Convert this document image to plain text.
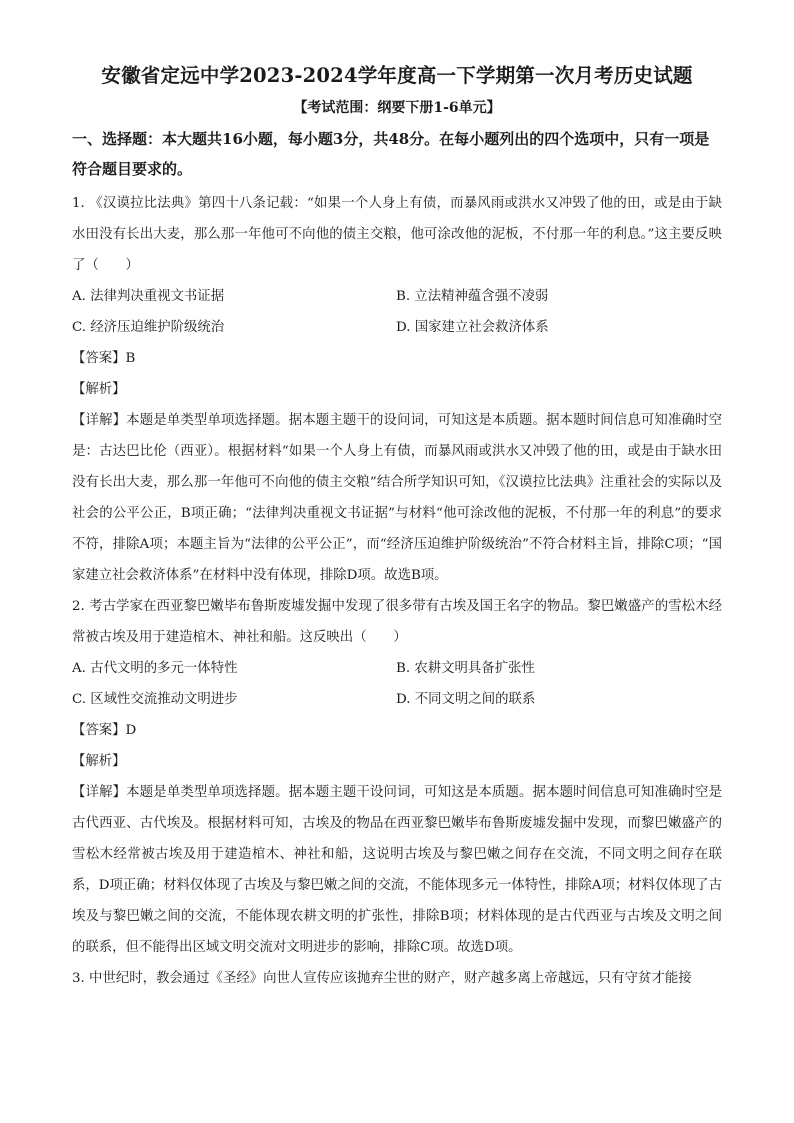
安徽省定远中学2023-2024学年度高一下学期第一次月考历史试题
【考试范围：纲要下册1-6单元】
一、选择题：本大题共16小题，每小题3分，共48分。在每小题列出的四个选项中，只有一项是符合题目要求的。

1. 《汉谟拉比法典》第四十八条记载：“如果一个人身上有债，而暴风雨或洪水又冲毁了他的田，或是由于缺水田没有长出大麦，那么那一年他可不向他的债主交粮，他可涂改他的泥板，不付那一年的利息。”这主要反映了（　　）

A. 法律判决重视文书证据	B. 立法精神蕴含强不凌弱
C. 经济压迫维护阶级统治	D. 国家建立社会救济体系

【答案】B

【解析】

【详解】本题是单类型单项选择题。据本题主题干的设问词，可知这是本质题。据本题时间信息可知准确时空是：古达巴比伦（西亚）。根据材料“如果一个人身上有债，而暴风雨或洪水又冲毁了他的田，或是由于缺水田没有长出大麦，那么那一年他可不向他的债主交粮”结合所学知识可知，《汉谟拉比法典》注重社会的实际以及社会的公平公正，B项正确；“法律判决重视文书证据”与材料“他可涂改他的泥板，不付那一年的利息”的要求不符，排除A项；本题主旨为“法律的公平公正”，而“经济压迫维护阶级统治”不符合材料主旨，排除C项；“国家建立社会救济体系”在材料中没有体现，排除D项。故选B项。

2. 考古学家在西亚黎巴嫩毕布鲁斯废墟发掘中发现了很多带有古埃及国王名字的物品。黎巴嫩盛产的雪松木经常被古埃及用于建造棺木、神社和船。这反映出（　　）

A. 古代文明的多元一体特性	B. 农耕文明具备扩张性
C. 区域性交流推动文明进步	D. 不同文明之间的联系

【答案】D

【解析】

【详解】本题是单类型单项选择题。据本题主题干设问词，可知这是本质题。据本题时间信息可知准确时空是古代西亚、古代埃及。根据材料可知，古埃及的物品在西亚黎巴嫩毕布鲁斯废墟发掘中发现，而黎巴嫩盛产的雪松木经常被古埃及用于建造棺木、神社和船，这说明古埃及与黎巴嫩之间存在交流，不同文明之间存在联系，D项正确；材料仅体现了古埃及与黎巴嫩之间的交流，不能体现多元一体特性，排除A项；材料仅体现了古埃及与黎巴嫩之间的交流，不能体现农耕文明的扩张性，排除B项；材料体现的是古代西亚与古埃及文明之间的联系，但不能得出区域文明交流对文明进步的影响，排除C项。故选D项。

3. 中世纪时，教会通过《圣经》向世人宣传应该抛弃尘世的财产，财产越多离上帝越远，只有守贫才能接
